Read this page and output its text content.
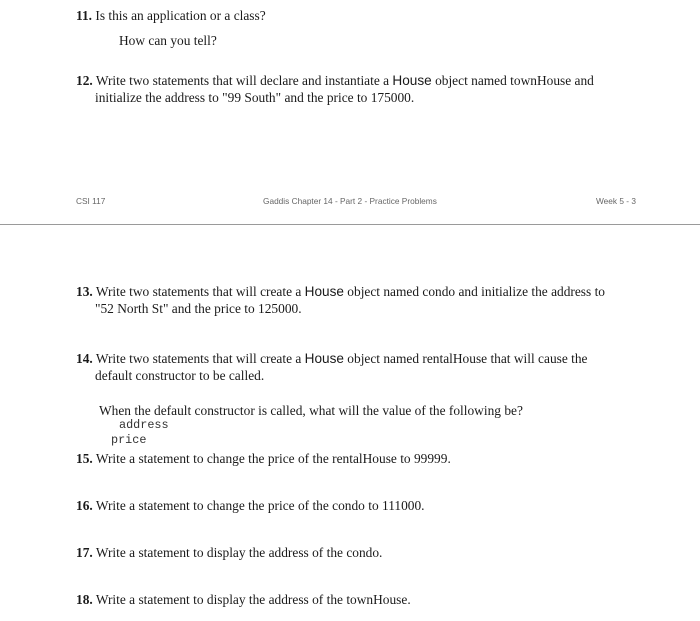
11. Is this an application or a class?
How can you tell?
12. Write two statements that will declare and instantiate a House object named townHouse and
initialize the address to "99 South" and the price to 175000.
CSI 117	Gaddis Chapter 14 - Part 2 - Practice Problems	Week 5 - 3
13. Write two statements that will create a House object named condo and initialize the address to
"52 North St" and the price to 125000.
14. Write two statements that will create a House object named rentalHouse that will cause the
default constructor to be called.
When the default constructor is called, what will the value of the following be?
address
price
15. Write a statement to change the price of the rentalHouse to 99999.
16. Write a statement to change the price of the condo to 111000.
17. Write a statement to display the address of the condo.
18. Write a statement to display the address of the townHouse.
